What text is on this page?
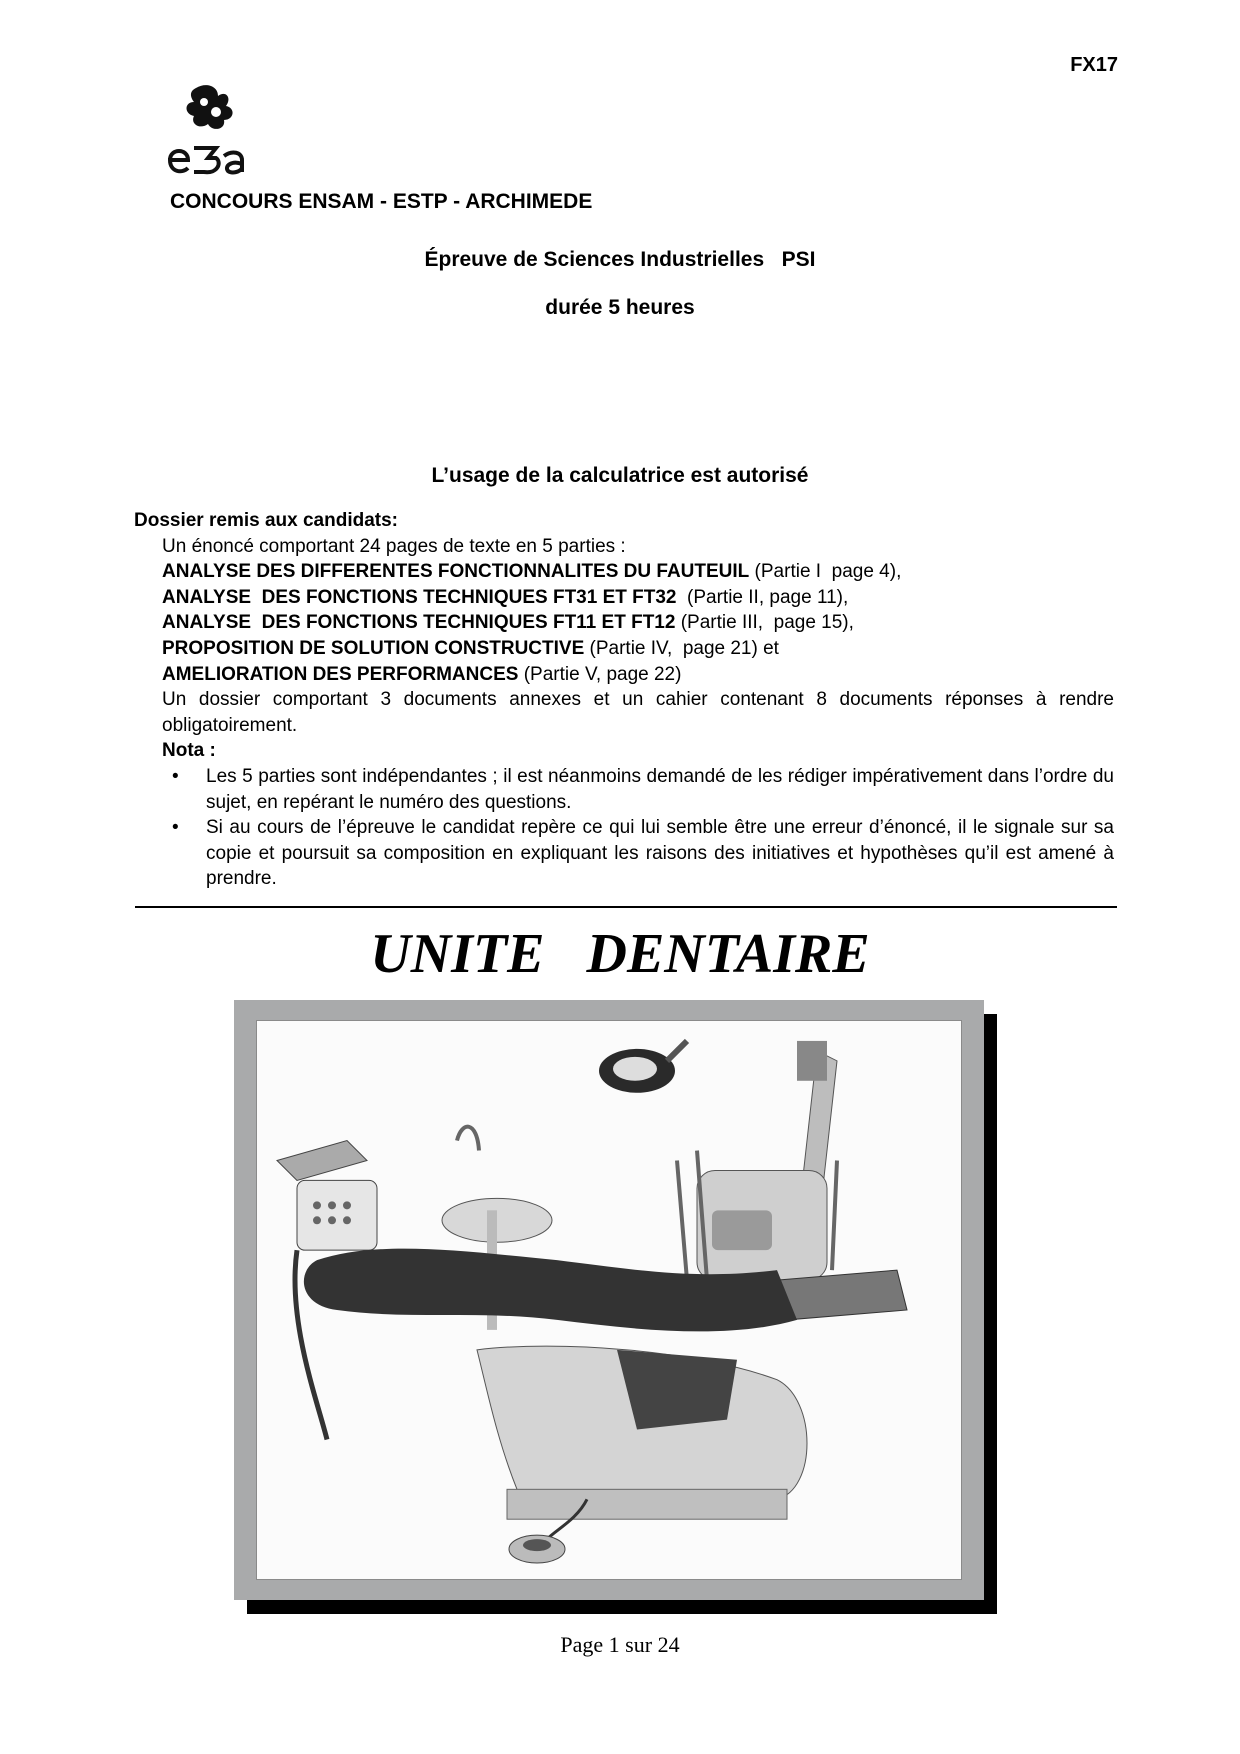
FX17
CONCOURS ENSAM - ESTP - ARCHIMEDE
Épreuve de Sciences Industrielles   PSI
durée 5 heures
L’usage de la calculatrice est autorisé
Dossier remis aux candidats:
Un énoncé comportant 24 pages de texte en 5 parties :
ANALYSE DES DIFFERENTES FONCTIONNALITES DU FAUTEUIL (Partie I  page 4),
ANALYSE  DES FONCTIONS TECHNIQUES FT31 ET FT32  (Partie II, page 11),
ANALYSE  DES FONCTIONS TECHNIQUES FT11 ET FT12 (Partie III,  page 15),
PROPOSITION DE SOLUTION CONSTRUCTIVE (Partie IV,  page 21) et
AMELIORATION DES PERFORMANCES (Partie V, page 22)
Un dossier comportant 3 documents annexes et un cahier contenant 8 documents réponses à rendre obligatoirement.
Nota :
• Les 5 parties sont indépendantes ; il est néanmoins demandé de les rédiger impérativement dans l’ordre du sujet, en repérant le numéro des questions.
• Si au cours de l’épreuve le candidat repère ce qui lui semble être une erreur d’énoncé, il le signale sur sa copie et poursuit sa composition en expliquant les raisons des initiatives et hypothèses qu’il est amené à prendre.
UNITE   DENTAIRE
Page 1 sur 24
